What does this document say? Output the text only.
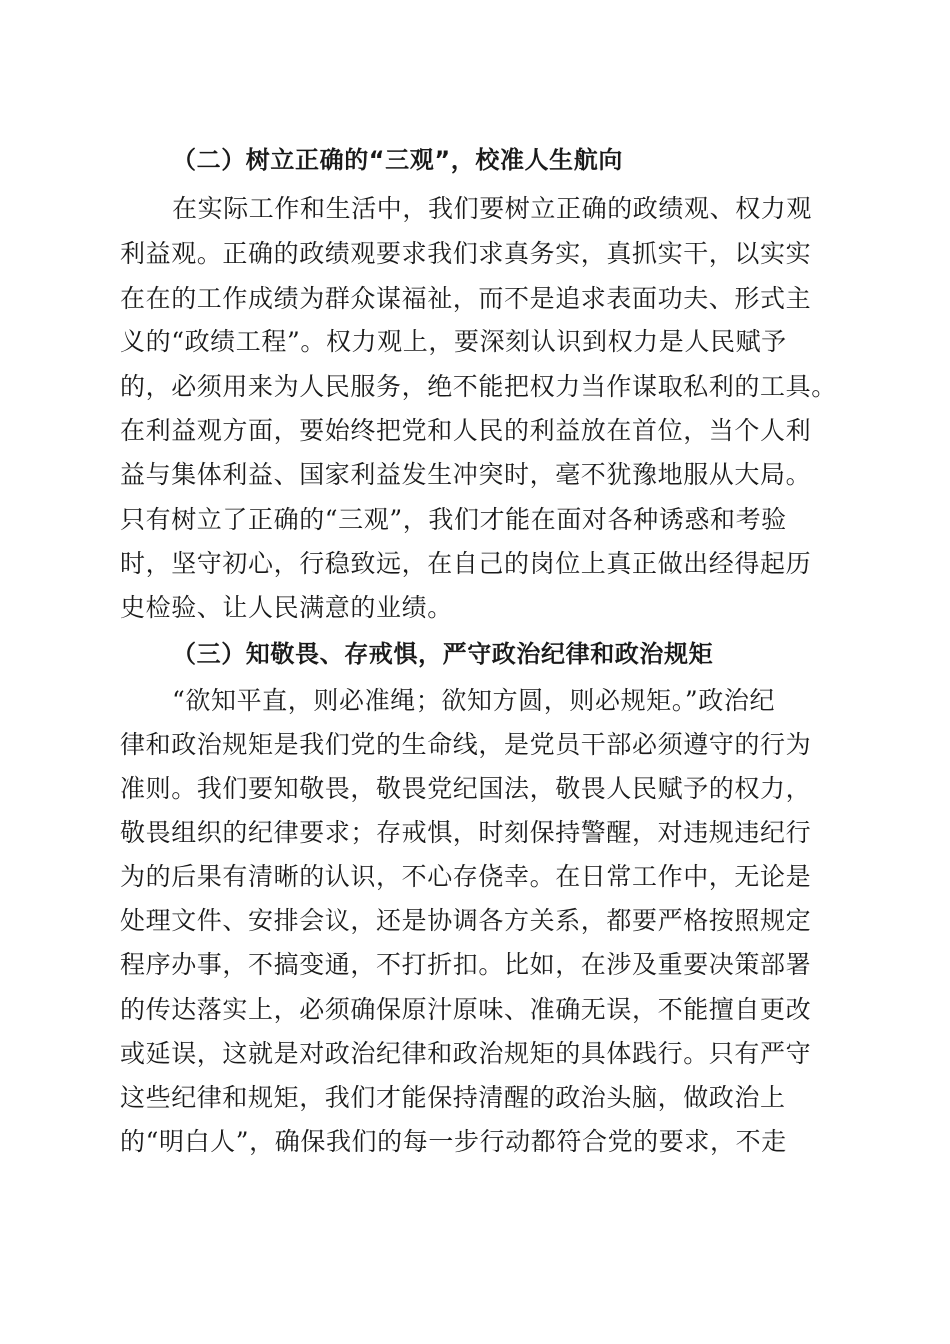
（二）树立正确的“三观”，校准人生航向
在实际工作和生活中，我们要树立正确的政绩观、权力观
利益观。正确的政绩观要求我们求真务实，真抓实干，以实实
在在的工作成绩为群众谋福祉，而不是追求表面功夫、形式主
义的“政绩工程”。权力观上，要深刻认识到权力是人民赋予
的，必须用来为人民服务，绝不能把权力当作谋取私利的工具。
在利益观方面，要始终把党和人民的利益放在首位，当个人利
益与集体利益、国家利益发生冲突时，毫不犹豫地服从大局。
只有树立了正确的“三观”，我们才能在面对各种诱惑和考验
时，坚守初心，行稳致远，在自己的岗位上真正做出经得起历
史检验、让人民满意的业绩。
（三）知敬畏、存戒惧，严守政治纪律和政治规矩
“欲知平直，则必准绳；欲知方圆，则必规矩。”政治纪
律和政治规矩是我们党的生命线，是党员干部必须遵守的行为
准则。我们要知敬畏，敬畏党纪国法，敬畏人民赋予的权力，
敬畏组织的纪律要求；存戒惧，时刻保持警醒，对违规违纪行
为的后果有清晰的认识，不心存侥幸。在日常工作中，无论是
处理文件、安排会议，还是协调各方关系，都要严格按照规定
程序办事，不搞变通，不打折扣。比如，在涉及重要决策部署
的传达落实上，必须确保原汁原味、准确无误，不能擅自更改
或延误，这就是对政治纪律和政治规矩的具体践行。只有严守
这些纪律和规矩，我们才能保持清醒的政治头脑，做政治上
的“明白人”，确保我们的每一步行动都符合党的要求，不走
